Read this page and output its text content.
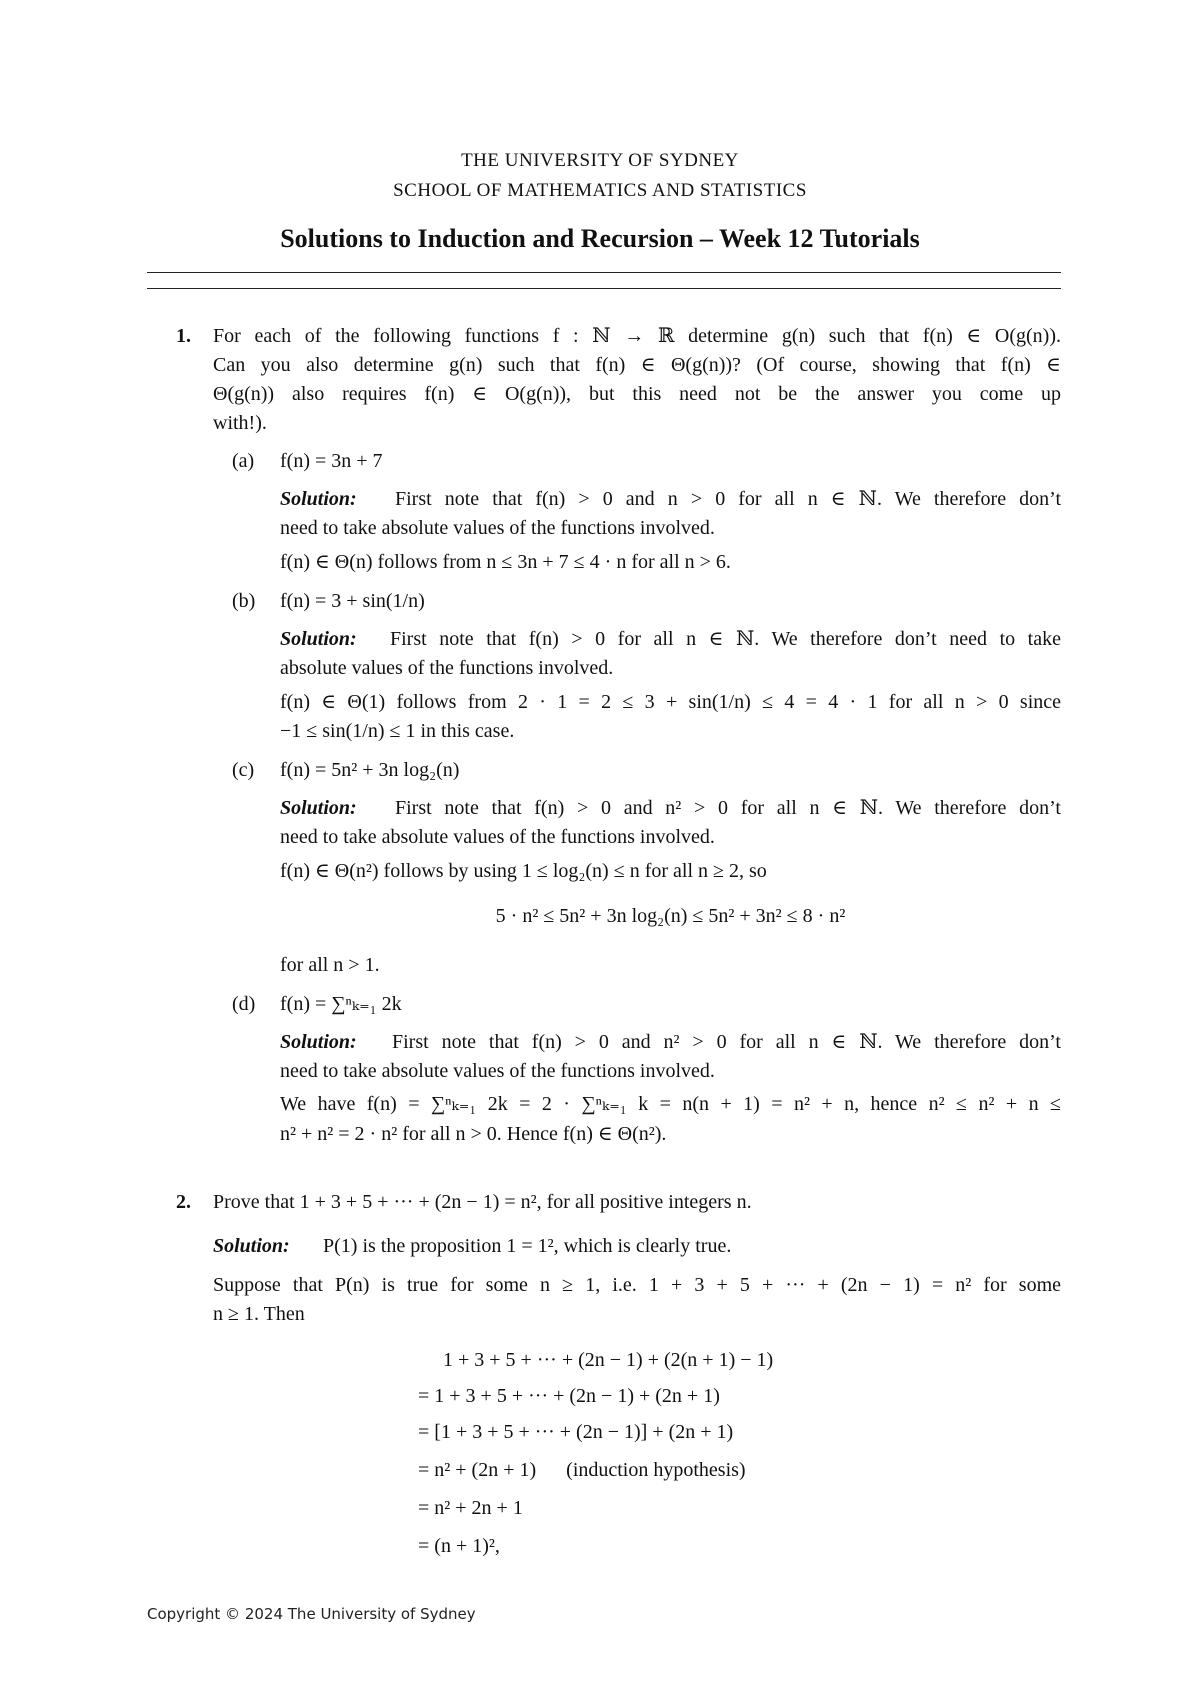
THE UNIVERSITY OF SYDNEY
SCHOOL OF MATHEMATICS AND STATISTICS
Solutions to Induction and Recursion – Week 12 Tutorials
1. For each of the following functions f : ℕ → ℝ determine g(n) such that f(n) ∈ O(g(n)).
Can you also determine g(n) such that f(n) ∈ Θ(g(n))? (Of course, showing that f(n) ∈
Θ(g(n)) also requires f(n) ∈ O(g(n)), but this need not be the answer you come up
with!).
(a) f(n) = 3n + 7
Solution: First note that f(n) > 0 and n > 0 for all n ∈ ℕ. We therefore don’t
need to take absolute values of the functions involved.
f(n) ∈ Θ(n) follows from n ≤ 3n + 7 ≤ 4 · n for all n > 6.
(b) f(n) = 3 + sin(1/n)
Solution: First note that f(n) > 0 for all n ∈ ℕ. We therefore don’t need to take
absolute values of the functions involved.
f(n) ∈ Θ(1) follows from 2 · 1 = 2 ≤ 3 + sin(1/n) ≤ 4 = 4 · 1 for all n > 0 since
−1 ≤ sin(1/n) ≤ 1 in this case.
(c) f(n) = 5n² + 3n log₂(n)
Solution: First note that f(n) > 0 and n² > 0 for all n ∈ ℕ. We therefore don’t
need to take absolute values of the functions involved.
f(n) ∈ Θ(n²) follows by using 1 ≤ log₂(n) ≤ n for all n ≥ 2, so
5 · n² ≤ 5n² + 3n log₂(n) ≤ 5n² + 3n² ≤ 8 · n²
for all n > 1.
(d) f(n) = ∑ⁿₖ₌₁ 2k
Solution: First note that f(n) > 0 and n² > 0 for all n ∈ ℕ. We therefore don’t
need to take absolute values of the functions involved.
We have f(n) = ∑ⁿₖ₌₁ 2k = 2 · ∑ⁿₖ₌₁ k = n(n + 1) = n² + n, hence n² ≤ n² + n ≤
n² + n² = 2 · n² for all n > 0. Hence f(n) ∈ Θ(n²).
2. Prove that 1 + 3 + 5 + ··· + (2n − 1) = n², for all positive integers n.
Solution: P(1) is the proposition 1 = 1², which is clearly true.
Suppose that P(n) is true for some n ≥ 1, i.e. 1 + 3 + 5 + ··· + (2n − 1) = n² for some
n ≥ 1. Then
1 + 3 + 5 + ··· + (2n − 1) + (2(n + 1) − 1)
= 1 + 3 + 5 + ··· + (2n − 1) + (2n + 1)
= [1 + 3 + 5 + ··· + (2n − 1)] + (2n + 1)
= n² + (2n + 1)      (induction hypothesis)
= n² + 2n + 1
= (n + 1)²,
Copyright © 2024 The University of Sydney
